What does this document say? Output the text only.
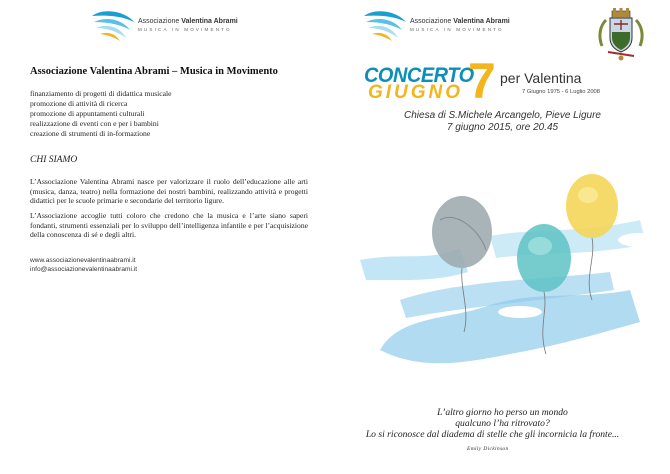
Associazione Valentina Abrami
MUSICA IN MOVIMENTO
Associazione Valentina Abrami – Musica in Movimento
finanziamento di progetti di didattica musicale
promozione di attività di ricerca
promozione di appuntamenti culturali
realizzazione di eventi con e per i bambini
creazione di strumenti di in-formazione
CHI SIAMO

L’Associazione Valentina Abrami nasce per valorizzare il ruolo dell’educazione alle arti (musica, danza, teatro) nella formazione dei nostri bambini, realizzando attività e progetti didattici per le scuole primarie e secondarie del territorio ligure.

L’Associazione accoglie tutti coloro che credono che la musica e l’arte siano saperi fondanti, strumenti essenziali per lo sviluppo dell’intelligenza infantile e per l’acquisizione della conoscenza di sé e degli altri.

www.associazionevalentinaabrami.it
info@associazionevalentinaabrami.it
Associazione Valentina Abrami
MUSICA IN MOVIMENTO
CONCERTO
GIUGNO 7 per Valentina
7 Giugno 1975 - 6 Luglio 2008
Chiesa di S.Michele Arcangelo, Pieve Ligure
7 giugno 2015, ore 20.45
L’altro giorno ho perso un mondo
qualcuno l’ha ritrovato?
Lo si riconosce dal diadema di stelle che gli incornicia la fronte...
Emily Dickinson
